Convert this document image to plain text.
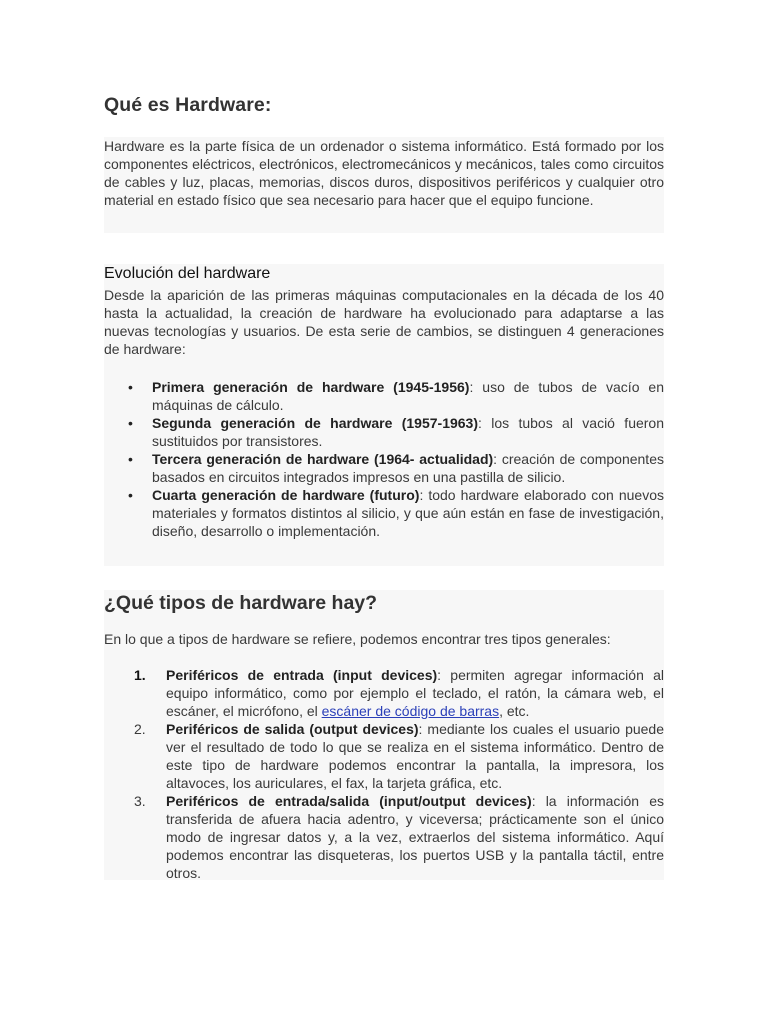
Qué es Hardware:

Hardware es la parte física de un ordenador o sistema informático. Está formado por los componentes eléctricos, electrónicos, electromecánicos y mecánicos, tales como circuitos de cables y luz, placas, memorias, discos duros, dispositivos periféricos y cualquier otro material en estado físico que sea necesario para hacer que el equipo funcione.

Evolución del hardware

Desde la aparición de las primeras máquinas computacionales en la década de los 40 hasta la actualidad, la creación de hardware ha evolucionado para adaptarse a las nuevas tecnologías y usuarios. De esta serie de cambios, se distinguen 4 generaciones de hardware:

•	Primera generación de hardware (1945-1956): uso de tubos de vacío en máquinas de cálculo.
•	Segunda generación de hardware (1957-1963): los tubos al vació fueron sustituidos por transistores.
•	Tercera generación de hardware (1964- actualidad): creación de componentes basados en circuitos integrados impresos en una pastilla de silicio.
•	Cuarta generación de hardware (futuro): todo hardware elaborado con nuevos materiales y formatos distintos al silicio, y que aún están en fase de investigación, diseño, desarrollo o implementación.
¿Qué tipos de hardware hay?

En lo que a tipos de hardware se refiere, podemos encontrar tres tipos generales:

1.	Periféricos de entrada (input devices): permiten agregar información al equipo informático, como por ejemplo el teclado, el ratón, la cámara web, el escáner, el micrófono, el escáner de código de barras, etc.
2.	Periféricos de salida (output devices): mediante los cuales el usuario puede ver el resultado de todo lo que se realiza en el sistema informático. Dentro de este tipo de hardware podemos encontrar la pantalla, la impresora, los altavoces, los auriculares, el fax, la tarjeta gráfica, etc.
3.	Periféricos de entrada/salida (input/output devices): la información es transferida de afuera hacia adentro, y viceversa; prácticamente son el único modo de ingresar datos y, a la vez, extraerlos del sistema informático. Aquí podemos encontrar las disqueteras, los puertos USB y la pantalla táctil, entre otros.
